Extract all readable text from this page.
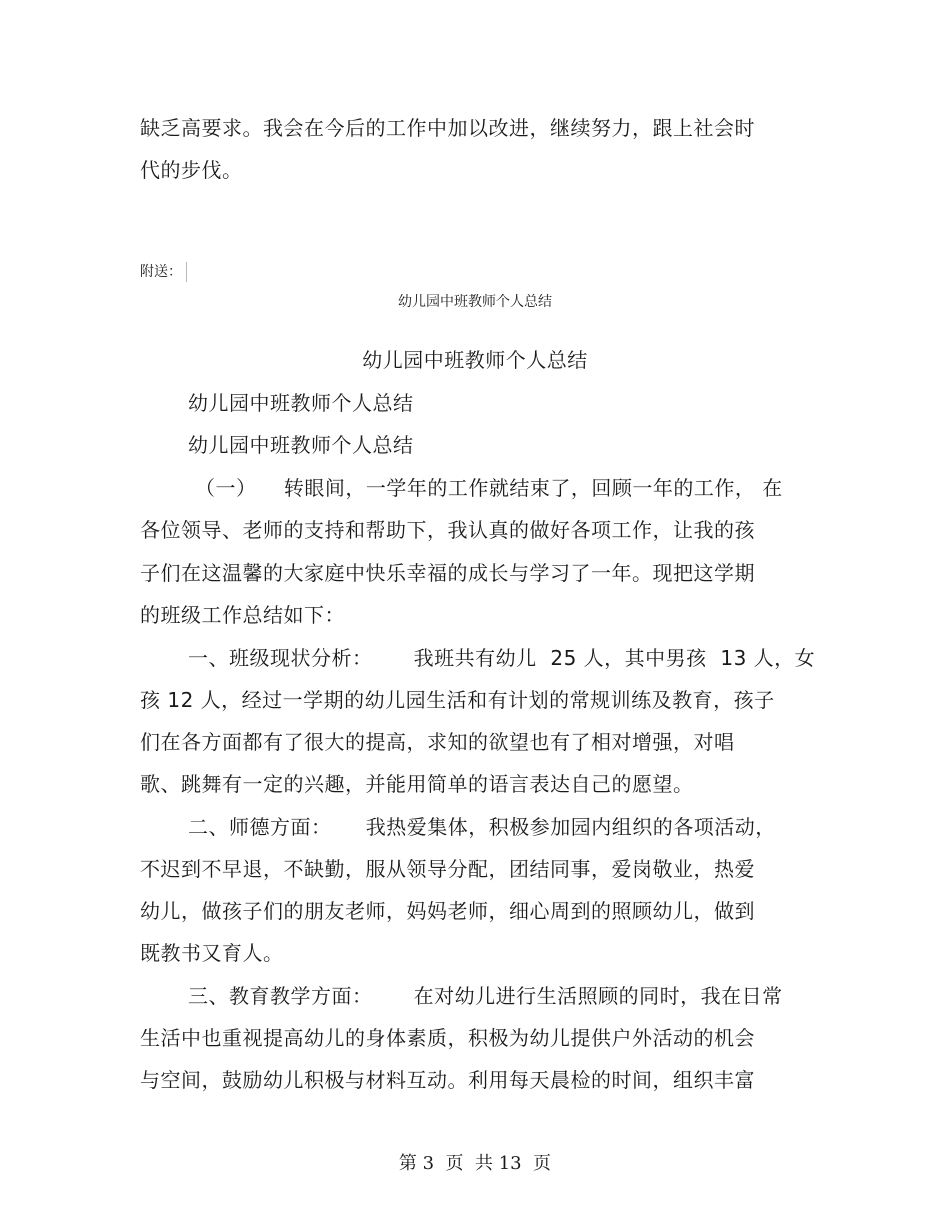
缺乏高要求。我会在今后的工作中加以改进，继续努力，跟上社会时
代的步伐。
附送：
幼儿园中班教师个人总结
幼儿园中班教师个人总结
幼儿园中班教师个人总结
幼儿园中班教师个人总结
（一）    转眼间，一学年的工作就结束了，回顾一年的工作， 在
各位领导、老师的支持和帮助下，我认真的做好各项工作，让我的孩
子们在这温馨的大家庭中快乐幸福的成长与学习了一年。现把这学期
的班级工作总结如下：
一、班级现状分析：      我班共有幼儿  25 人，其中男孩  13 人，女
孩 12 人，经过一学期的幼儿园生活和有计划的常规训练及教育，孩子
们在各方面都有了很大的提高，求知的欲望也有了相对增强，对唱
歌、跳舞有一定的兴趣，并能用简单的语言表达自己的愿望。
二、师德方面：     我热爱集体，积极参加园内组织的各项活动，
不迟到不早退，不缺勤，服从领导分配，团结同事，爱岗敬业，热爱
幼儿，做孩子们的朋友老师，妈妈老师，细心周到的照顾幼儿，做到
既教书又育人。
三、教育教学方面：      在对幼儿进行生活照顾的同时，我在日常
生活中也重视提高幼儿的身体素质，积极为幼儿提供户外活动的机会
与空间，鼓励幼儿积极与材料互动。利用每天晨检的时间，组织丰富
第 3  页  共 13  页
